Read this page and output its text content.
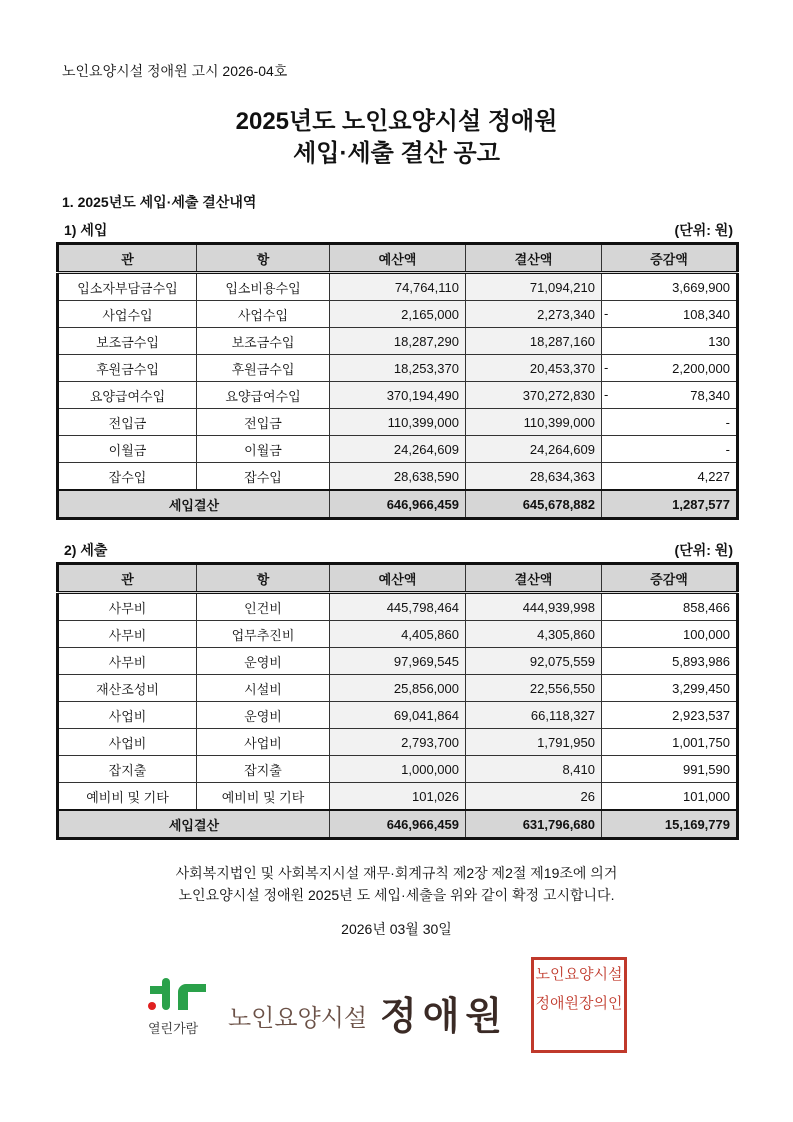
노인요양시설 정애원 고시 2026-04호
2025년도 노인요양시설 정애원
세입·세출 결산 공고
1. 2025년도 세입·세출 결산내역
1) 세입	(단위: 원)
관	항	예산액	결산액	증감액
입소자부담금수입	입소비용수입	74,764,110	71,094,210	3,669,900
사업수입	사업수입	2,165,000	2,273,340	- 108,340
보조금수입	보조금수입	18,287,290	18,287,160	130
후원금수입	후원금수입	18,253,370	20,453,370	- 2,200,000
요양급여수입	요양급여수입	370,194,490	370,272,830	- 78,340
전입금	전입금	110,399,000	110,399,000	-
이월금	이월금	24,264,609	24,264,609	-
잡수입	잡수입	28,638,590	28,634,363	4,227
세입결산		646,966,459	645,678,882	1,287,577
2) 세출	(단위: 원)
관	항	예산액	결산액	증감액
사무비	인건비	445,798,464	444,939,998	858,466
사무비	업무추진비	4,405,860	4,305,860	100,000
사무비	운영비	97,969,545	92,075,559	5,893,986
재산조성비	시설비	25,856,000	22,556,550	3,299,450
사업비	운영비	69,041,864	66,118,327	2,923,537
사업비	사업비	2,793,700	1,791,950	1,001,750
잡지출	잡지출	1,000,000	8,410	991,590
예비비 및 기타	예비비 및 기타	101,026	26	101,000
세입결산		646,966,459	631,796,680	15,169,779
사회복지법인 및 사회복지시설 재무·회계규칙 제2장 제2절 제19조에 의거
노인요양시설 정애원 2025년 도 세입·세출을 위와 같이 확정 고시합니다.
2026년 03월 30일
열린가람 노인요양시설 정애원
노인요양시설정애원장의인
